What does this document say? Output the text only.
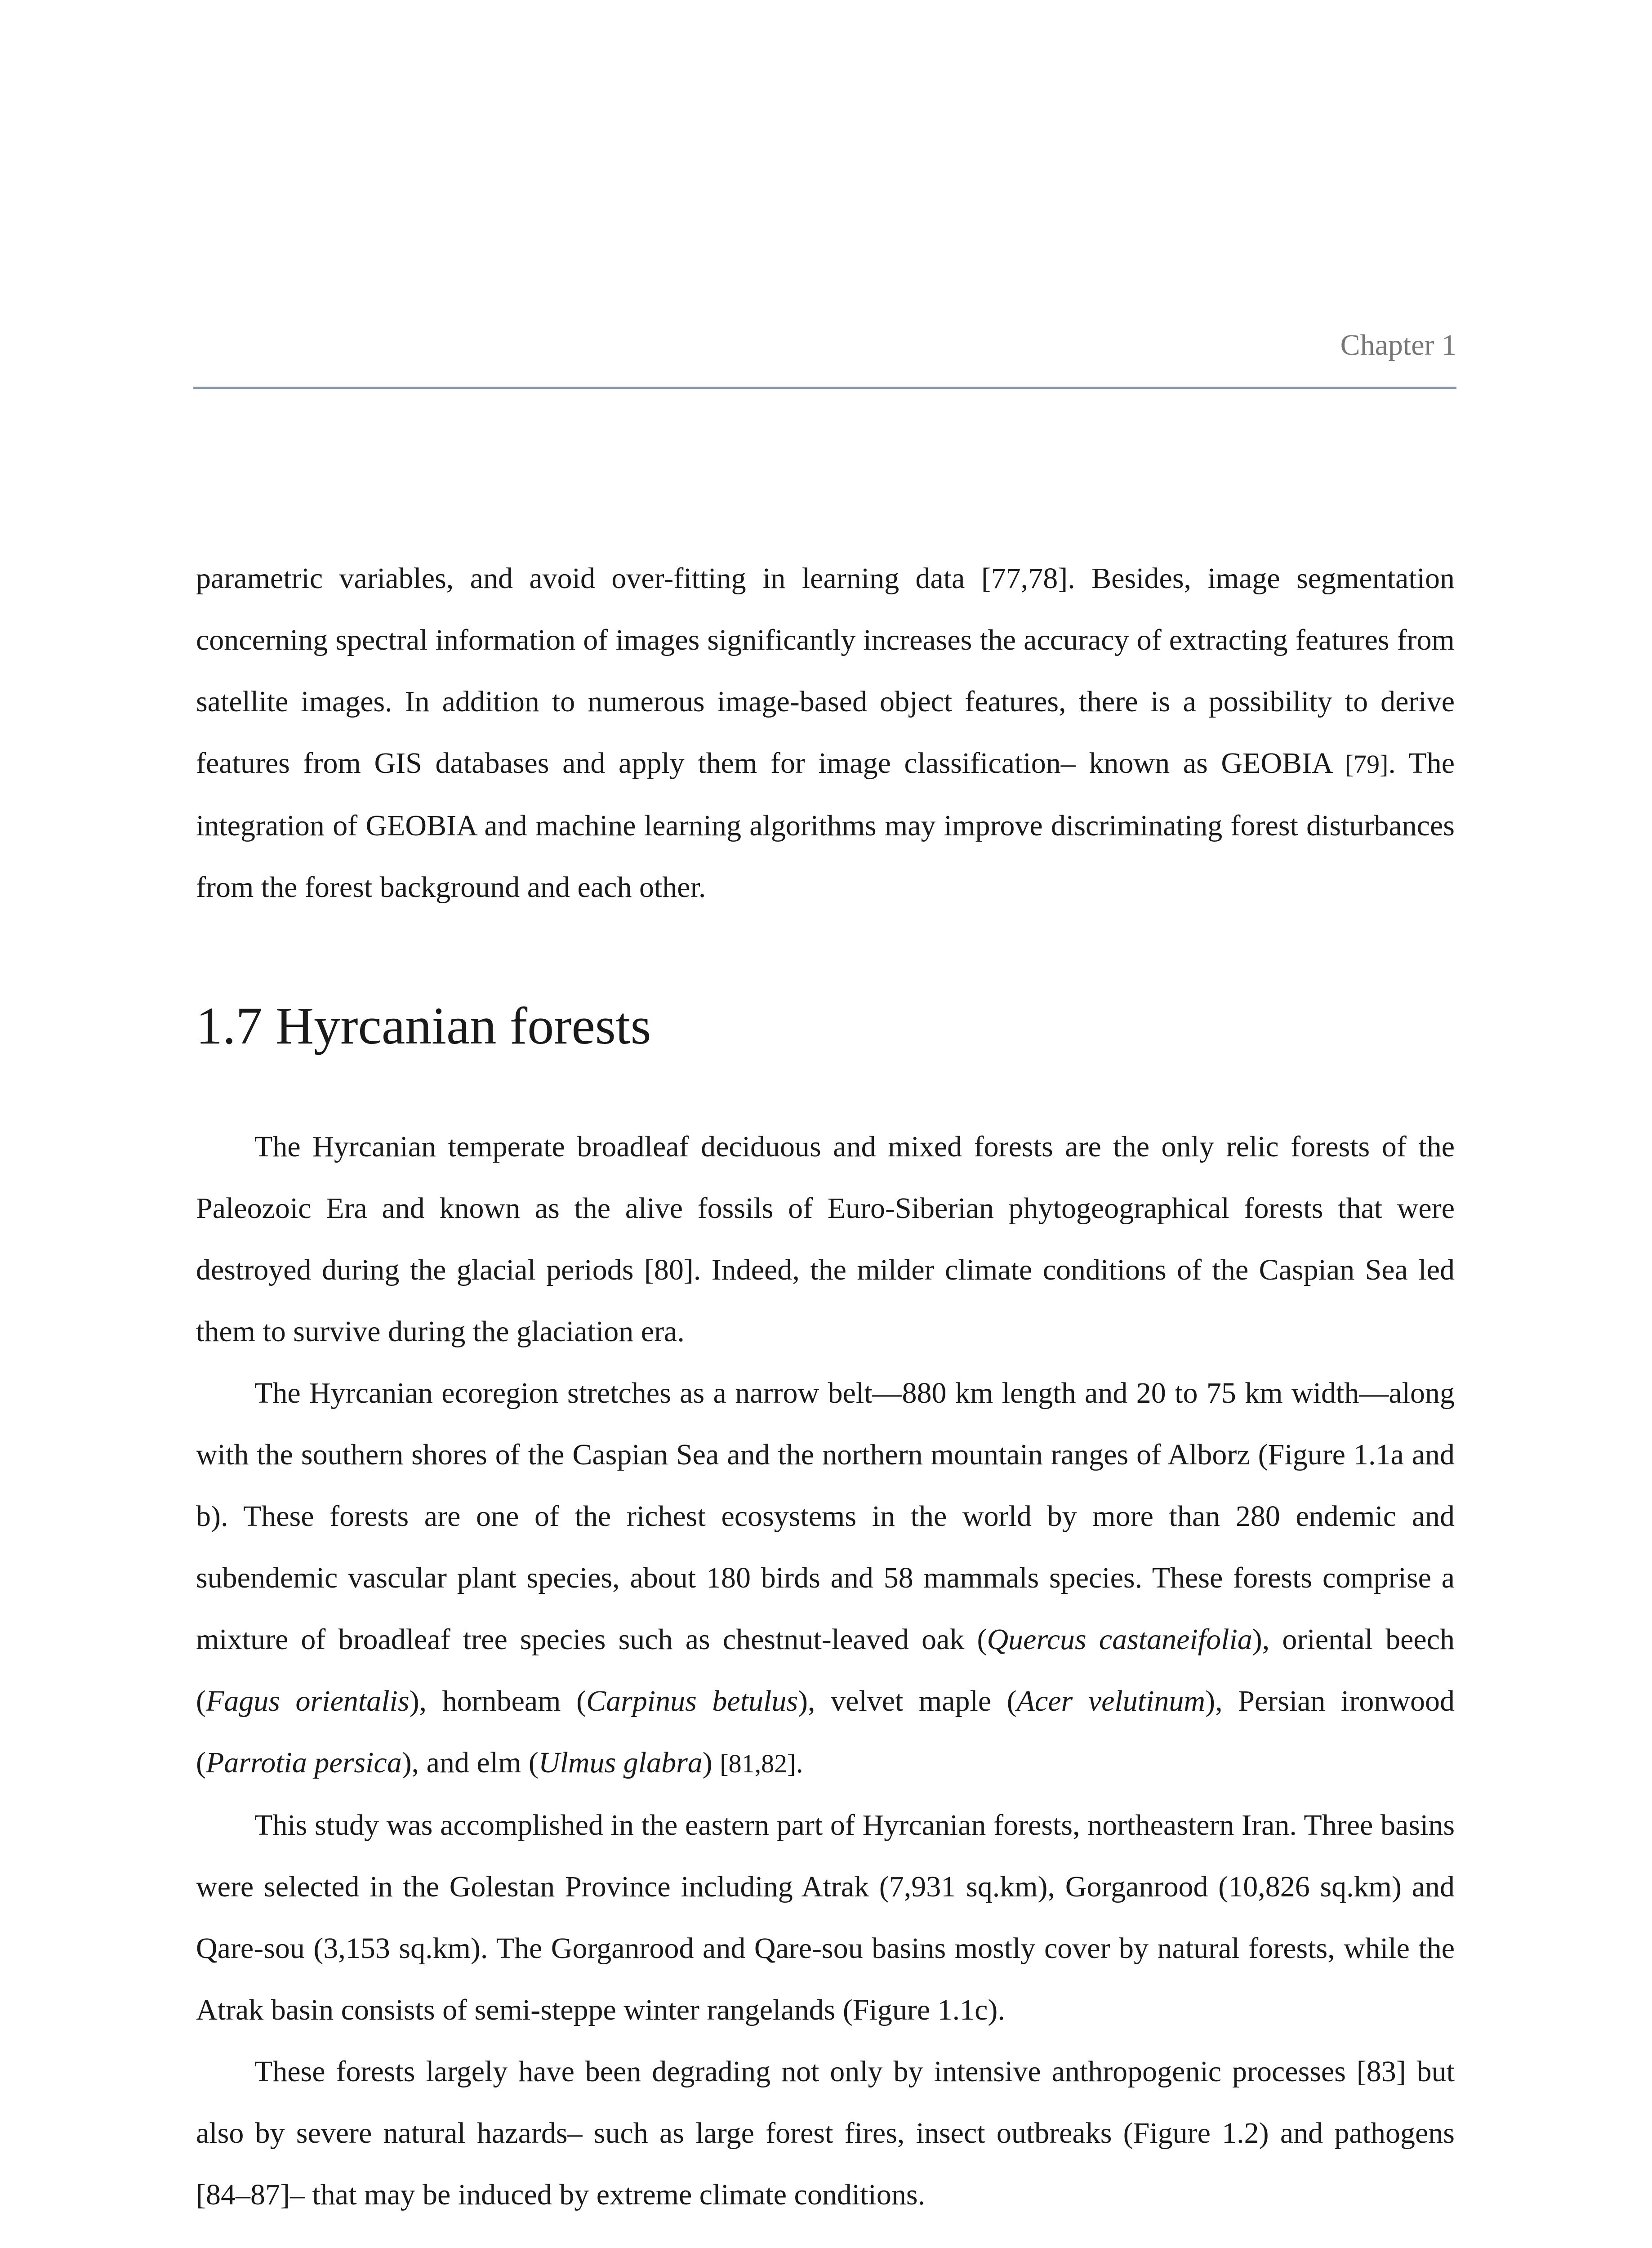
Chapter 1

parametric variables, and avoid over-fitting in learning data [77,78]. Besides, image segmentation concerning spectral information of images significantly increases the accuracy of extracting features from satellite images. In addition to numerous image-based object features, there is a possibility to derive features from GIS databases and apply them for image classification– known as GEOBIA [79]. The integration of GEOBIA and machine learning algorithms may improve discriminating forest disturbances from the forest background and each other.

1.7 Hyrcanian forests

The Hyrcanian temperate broadleaf deciduous and mixed forests are the only relic forests of the Paleozoic Era and known as the alive fossils of Euro-Siberian phytogeographical forests that were destroyed during the glacial periods [80]. Indeed, the milder climate conditions of the Caspian Sea led them to survive during the glaciation era.

The Hyrcanian ecoregion stretches as a narrow belt—880 km length and 20 to 75 km width—along with the southern shores of the Caspian Sea and the northern mountain ranges of Alborz (Figure 1.1a and b). These forests are one of the richest ecosystems in the world by more than 280 endemic and subendemic vascular plant species, about 180 birds and 58 mammals species. These forests comprise a mixture of broadleaf tree species such as chestnut-leaved oak (Quercus castaneifolia), oriental beech (Fagus orientalis), hornbeam (Carpinus betulus), velvet maple (Acer velutinum), Persian ironwood (Parrotia persica), and elm (Ulmus glabra) [81,82].

This study was accomplished in the eastern part of Hyrcanian forests, northeastern Iran. Three basins were selected in the Golestan Province including Atrak (7,931 sq.km), Gorganrood (10,826 sq.km) and Qare-sou (3,153 sq.km). The Gorganrood and Qare-sou basins mostly cover by natural forests, while the Atrak basin consists of semi-steppe winter rangelands (Figure 1.1c).

These forests largely have been degrading not only by intensive anthropogenic processes [83] but also by severe natural hazards– such as large forest fires, insect outbreaks (Figure 1.2) and pathogens [84–87]– that may be induced by extreme climate conditions.
